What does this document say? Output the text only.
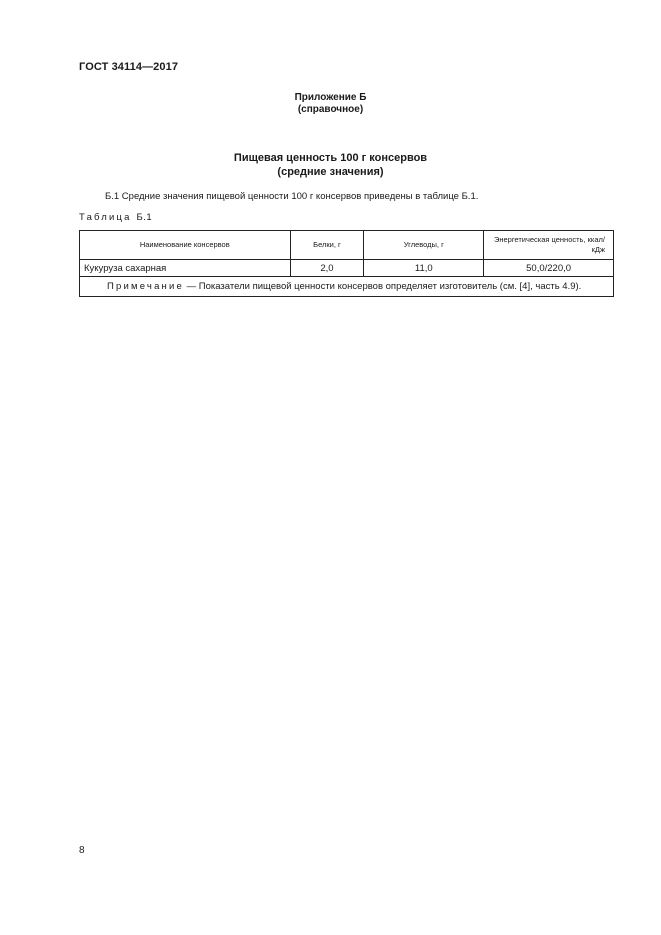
ГОСТ 34114—2017
Приложение Б
(справочное)
Пищевая ценность 100 г консервов
(средние значения)
Б.1 Средние значения пищевой ценности 100 г консервов приведены в таблице Б.1.
Таблица Б.1
Наименование консервов	Белки, г	Углеводы, г	Энергетическая ценность, ккал/кДж
Кукуруза сахарная	2,0	11,0	50,0/220,0
Примечание — Показатели пищевой ценности консервов определяет изготовитель (см. [4], часть 4.9).			
8
